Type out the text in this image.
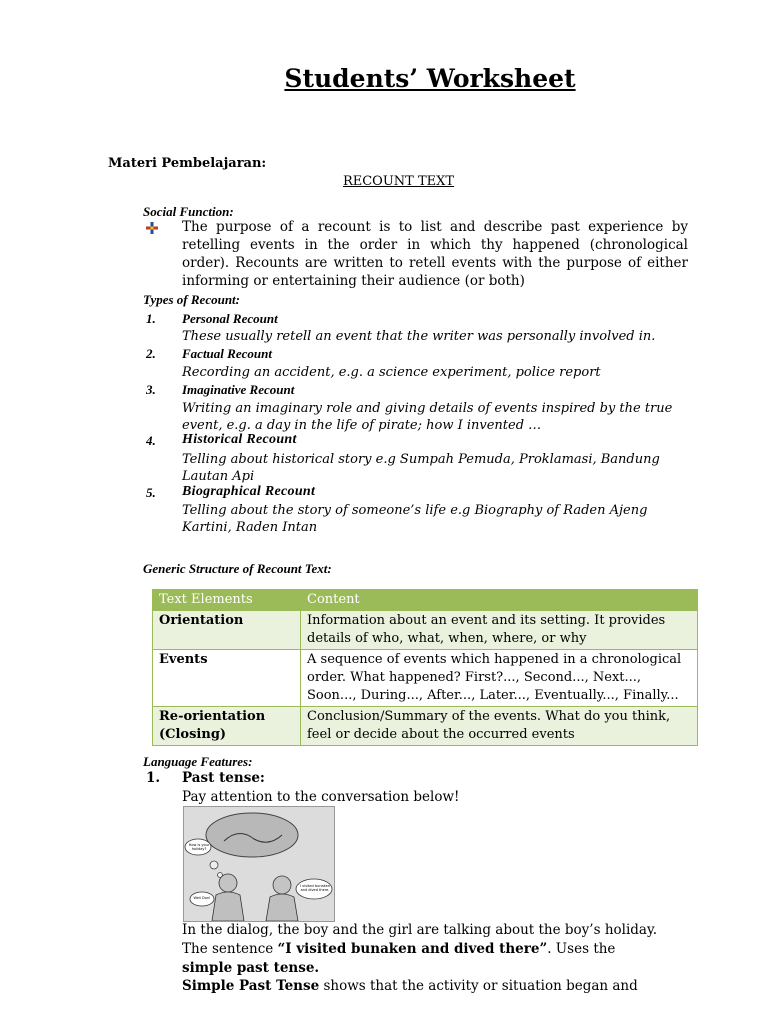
Students’ Worksheet
Materi Pembelajaran:
RECOUNT TEXT
Social Function:
The purpose of a recount is to list and describe past experience by retelling events in the order in which thy happened (chronological order). Recounts are written to retell events with the purpose of either informing or entertaining their audience (or both)
Types of Recount:
1. Personal Recount
These usually retell an event that the writer was personally involved in.
2. Factual Recount
Recording an accident, e.g. a science experiment, police report
3. Imaginative Recount
Writing an imaginary role and giving details of events inspired by the true event, e.g. a day in the life of pirate; how I invented …
4. Historical Recount
Telling about historical story e.g Sumpah Pemuda, Proklamasi, Bandung Lautan Api
5. Biographical Recount
Telling about the story of someone’s life e.g Biography of Raden Ajeng Kartini, Raden Intan
Generic Structure of Recount Text:
Text Elements	Content
Orientation	Information about an event and its setting. It provides details of who, what, when, where, or why
Events	A sequence of events which happened in a chronological order. What happened? First?..., Second..., Next..., Soon..., During..., After..., Later..., Eventually..., Finally...
Re-orientation (Closing)	Conclusion/Summary of the events. What do you think, feel or decide about the occurred events
Language Features:
1. Past tense:
Pay attention to the conversation below!
How is your holiday?
I visited bunaken and dived there.
Well Don!
In the dialog, the boy and the girl are talking about the boy’s holiday.
The sentence “I visited bunaken and dived there”. Uses the
simple past tense.
Simple Past Tense shows that the activity or situation began and
